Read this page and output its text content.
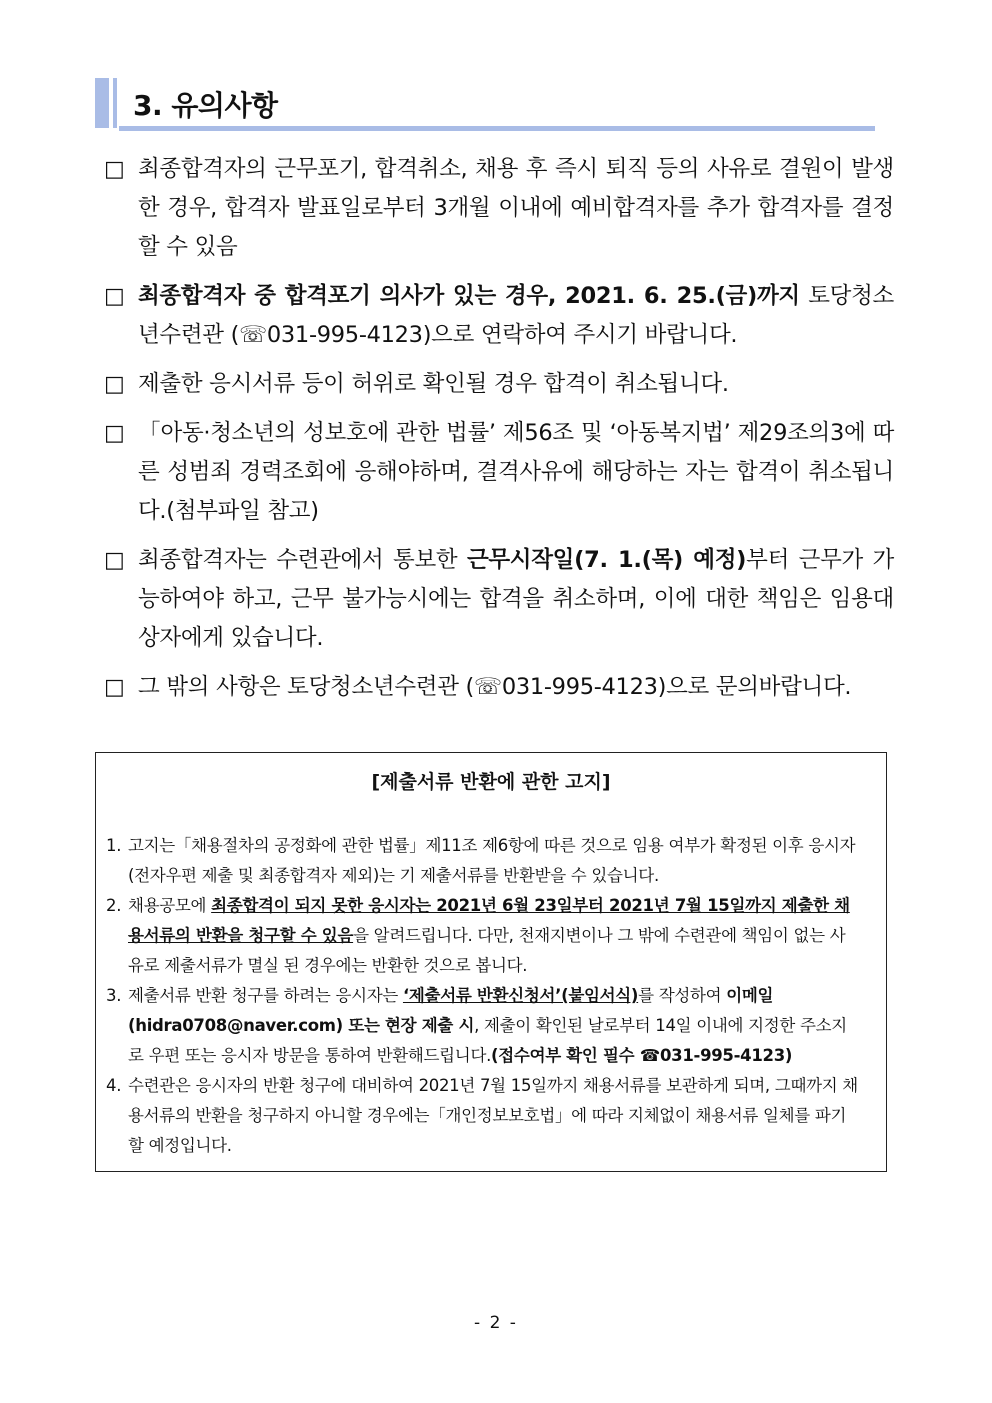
3. 유의사항
□ 최종합격자의 근무포기, 합격취소, 채용 후 즉시 퇴직 등의 사유로 결원이 발생한 경우, 합격자 발표일로부터 3개월 이내에 예비합격자를 추가 합격자를 결정할 수 있음
□ 최종합격자 중 합격포기 의사가 있는 경우, 2021. 6. 25.(금)까지 토당청소년수련관 (☏031-995-4123)으로 연락하여 주시기 바랍니다.
□ 제출한 응시서류 등이 허위로 확인될 경우 합격이 취소됩니다.
□ 「아동·청소년의 성보호에 관한 법률’ 제56조 및 ‘아동복지법’ 제29조의3에 따른 성범죄 경력조회에 응해야하며, 결격사유에 해당하는 자는 합격이 취소됩니다.(첨부파일 참고)
□ 최종합격자는 수련관에서 통보한 근무시작일(7. 1.(목) 예정)부터 근무가 가능하여야 하고, 근무 불가능시에는 합격을 취소하며, 이에 대한 책임은 임용대상자에게 있습니다.
□ 그 밖의 사항은 토당청소년수련관 (☏031-995-4123)으로 문의바랍니다.
[제출서류 반환에 관한 고지]
1. 고지는「채용절차의 공정화에 관한 법률」제11조 제6항에 따른 것으로 임용 여부가 확정된 이후 응시자(전자우편 제출 및 최종합격자 제외)는 기 제출서류를 반환받을 수 있습니다.
2. 채용공모에 최종합격이 되지 못한 응시자는 2021년 6월 23일부터 2021년 7월 15일까지 제출한 채용서류의 반환을 청구할 수 있음을 알려드립니다. 다만, 천재지변이나 그 밖에 수련관에 책임이 없는 사유로 제출서류가 멸실 된 경우에는 반환한 것으로 봅니다.
3. 제출서류 반환 청구를 하려는 응시자는 ‘제출서류 반환신청서’(붙임서식)를 작성하여 이메일(hidra0708@naver.com) 또는 현장 제출 시, 제출이 확인된 날로부터 14일 이내에 지정한 주소지로 우편 또는 응시자 방문을 통하여 반환해드립니다.(접수여부 확인 필수 ☎031-995-4123)
4. 수련관은 응시자의 반환 청구에 대비하여 2021년 7월 15일까지 채용서류를 보관하게 되며, 그때까지 채용서류의 반환을 청구하지 아니할 경우에는「개인정보보호법」에 따라 지체없이 채용서류 일체를 파기할 예정입니다.
- 2 -
